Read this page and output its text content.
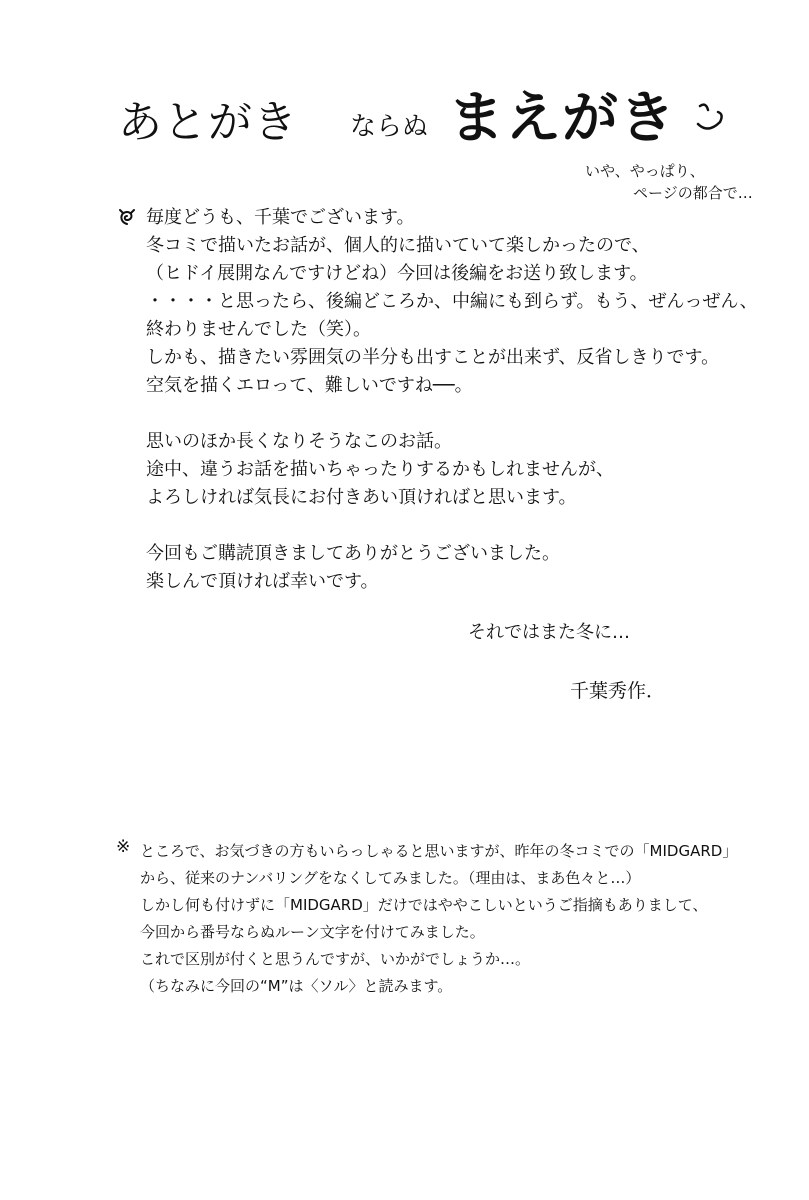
あとがき ならぬ まえがき
いや、やっぱり、
ページの都合で…
毎度どうも、千葉でございます。
冬コミで描いたお話が、個人的に描いていて楽しかったので、
（ヒドイ展開なんですけどね）今回は後編をお送り致します。
・・・・と思ったら、後編どころか、中編にも到らず。もう、ぜんっぜん、
終わりませんでした（笑）。
しかも、描きたい雰囲気の半分も出すことが出来ず、反省しきりです。
空気を描くエロって、難しいですね──。
思いのほか長くなりそうなこのお話。
途中、違うお話を描いちゃったりするかもしれませんが、
よろしければ気長にお付きあい頂ければと思います。
今回もご購読頂きましてありがとうございました。
楽しんで頂ければ幸いです。
それではまた冬に…
千葉秀作．
※ ところで、お気づきの方もいらっしゃると思いますが、昨年の冬コミでの「MIDGARD」
から、従来のナンバリングをなくしてみました。（理由は、まあ色々と…）
しかし何も付けずに「MIDGARD」だけではややこしいというご指摘もありまして、
今回から番号ならぬルーン文字を付けてみました。
これで区別が付くと思うんですが、いかがでしょうか…。
（ちなみに今回の“M”は〈ソル〉と読みます。
